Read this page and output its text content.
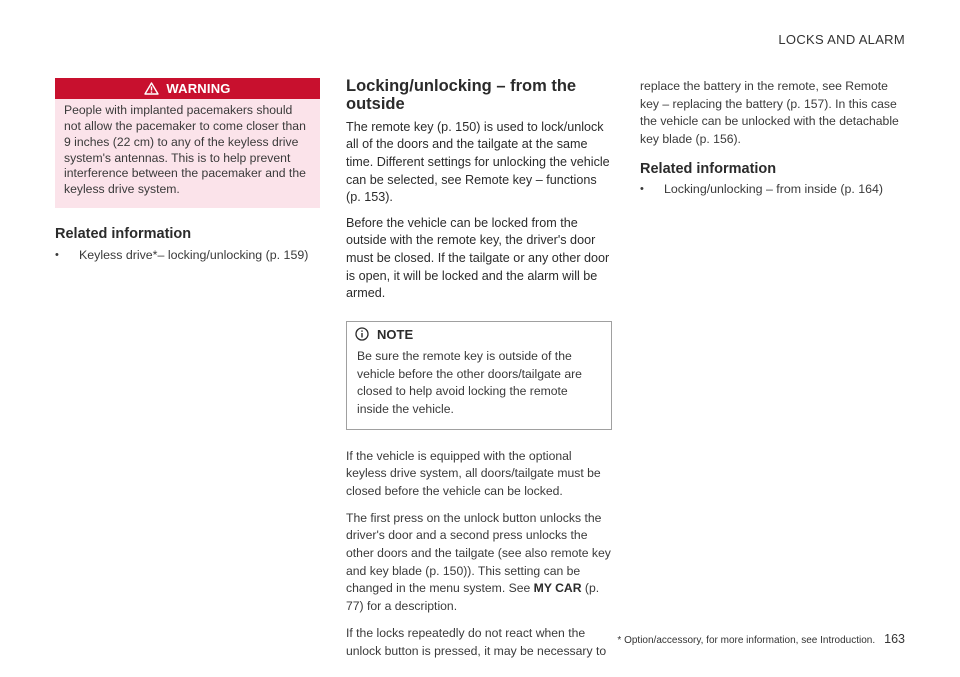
LOCKS AND ALARM
WARNING
People with implanted pacemakers should not allow the pacemaker to come closer than 9 inches (22 cm) to any of the keyless drive system's antennas. This is to help prevent interference between the pacemaker and the keyless drive system.
Related information
•	Keyless drive*– locking/unlocking (p. 159)
Locking/unlocking – from the outside

The remote key (p. 150) is used to lock/unlock all of the doors and the tailgate at the same time. Different settings for unlocking the vehicle can be selected, see Remote key – functions (p. 153).

Before the vehicle can be locked from the outside with the remote key, the driver's door must be closed. If the tailgate or any other door is open, it will be locked and the alarm will be armed.

NOTE
Be sure the remote key is outside of the vehicle before the other doors/tailgate are closed to help avoid locking the remote inside the vehicle.

If the vehicle is equipped with the optional keyless drive system, all doors/tailgate must be closed before the vehicle can be locked.

The first press on the unlock button unlocks the driver's door and a second press unlocks the other doors and the tailgate (see also remote key and key blade (p. 150)). This setting can be changed in the menu system. See MY CAR (p. 77) for a description.

If the locks repeatedly do not react when the unlock button is pressed, it may be necessary to

replace the battery in the remote, see Remote key – replacing the battery (p. 157). In this case the vehicle can be unlocked with the detachable key blade (p. 156).

Related information
•	Locking/unlocking – from inside (p. 164)
* Option/accessory, for more information, see Introduction. 163
